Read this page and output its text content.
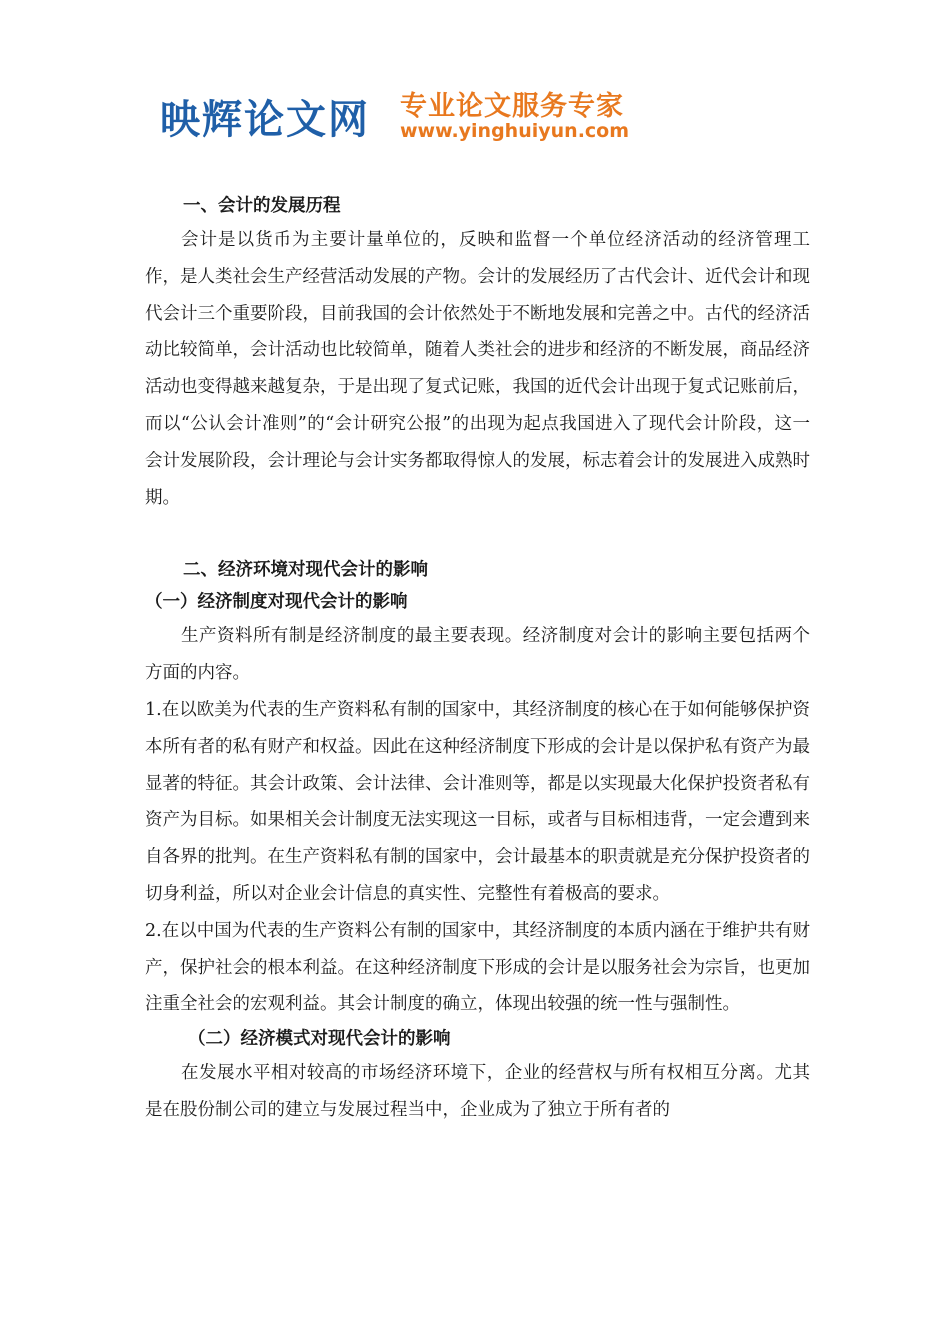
映辉论文网 专业论文服务专家
www.yinghuiyun.com

一、会计的发展历程

会计是以货币为主要计量单位的，反映和监督一个单位经济活动的经济管理工作，是人类社会生产经营活动发展的产物。会计的发展经历了古代会计、近代会计和现代会计三个重要阶段，目前我国的会计依然处于不断地发展和完善之中。古代的经济活动比较简单，会计活动也比较简单，随着人类社会的进步和经济的不断发展，商品经济活动也变得越来越复杂，于是出现了复式记账，我国的近代会计出现于复式记账前后，而以“公认会计准则”的“会计研究公报”的出现为起点我国进入了现代会计阶段，这一会计发展阶段，会计理论与会计实务都取得惊人的发展，标志着会计的发展进入成熟时期。

二、经济环境对现代会计的影响

（一）经济制度对现代会计的影响

生产资料所有制是经济制度的最主要表现。经济制度对会计的影响主要包括两个方面的内容。

1.在以欧美为代表的生产资料私有制的国家中，其经济制度的核心在于如何能够保护资本所有者的私有财产和权益。因此在这种经济制度下形成的会计是以保护私有资产为最显著的特征。其会计政策、会计法律、会计准则等，都是以实现最大化保护投资者私有资产为目标。如果相关会计制度无法实现这一目标，或者与目标相违背，一定会遭到来自各界的批判。在生产资料私有制的国家中，会计最基本的职责就是充分保护投资者的切身利益，所以对企业会计信息的真实性、完整性有着极高的要求。

2.在以中国为代表的生产资料公有制的国家中，其经济制度的本质内涵在于维护共有财产，保护社会的根本利益。在这种经济制度下形成的会计是以服务社会为宗旨，也更加注重全社会的宏观利益。其会计制度的确立，体现出较强的统一性与强制性。

（二）经济模式对现代会计的影响

在发展水平相对较高的市场经济环境下，企业的经营权与所有权相互分离。尤其是在股份制公司的建立与发展过程当中，企业成为了独立于所有者的
